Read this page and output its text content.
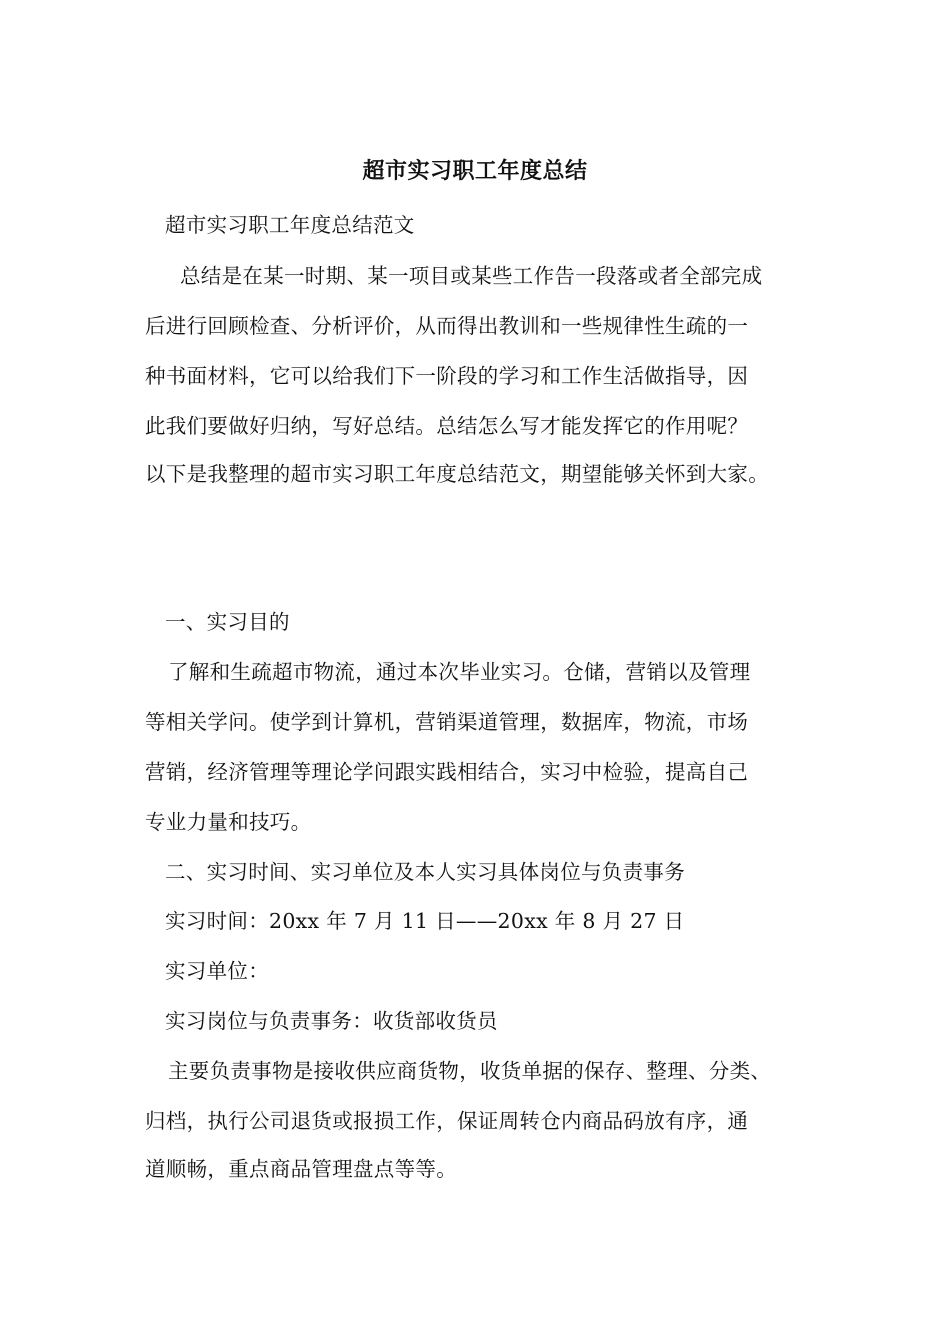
超市实习职工年度总结
超市实习职工年度总结范文
总结是在某一时期、某一项目或某些工作告一段落或者全部完成
后进行回顾检查、分析评价，从而得出教训和一些规律性生疏的一
种书面材料，它可以给我们下一阶段的学习和工作生活做指导，因
此我们要做好归纳，写好总结。总结怎么写才能发挥它的作用呢？
以下是我整理的超市实习职工年度总结范文，期望能够关怀到大家。
一、实习目的
了解和生疏超市物流，通过本次毕业实习。仓储，营销以及管理
等相关学问。使学到计算机，营销渠道管理，数据库，物流，市场
营销，经济管理等理论学问跟实践相结合，实习中检验，提高自己
专业力量和技巧。
二、实习时间、实习单位及本人实习具体岗位与负责事务
实习时间：20xx 年 7 月 11 日——20xx 年 8 月 27 日
实习单位：
实习岗位与负责事务：收货部收货员
主要负责事物是接收供应商货物，收货单据的保存、整理、分类、
归档，执行公司退货或报损工作，保证周转仓内商品码放有序，通
道顺畅，重点商品管理盘点等等。
